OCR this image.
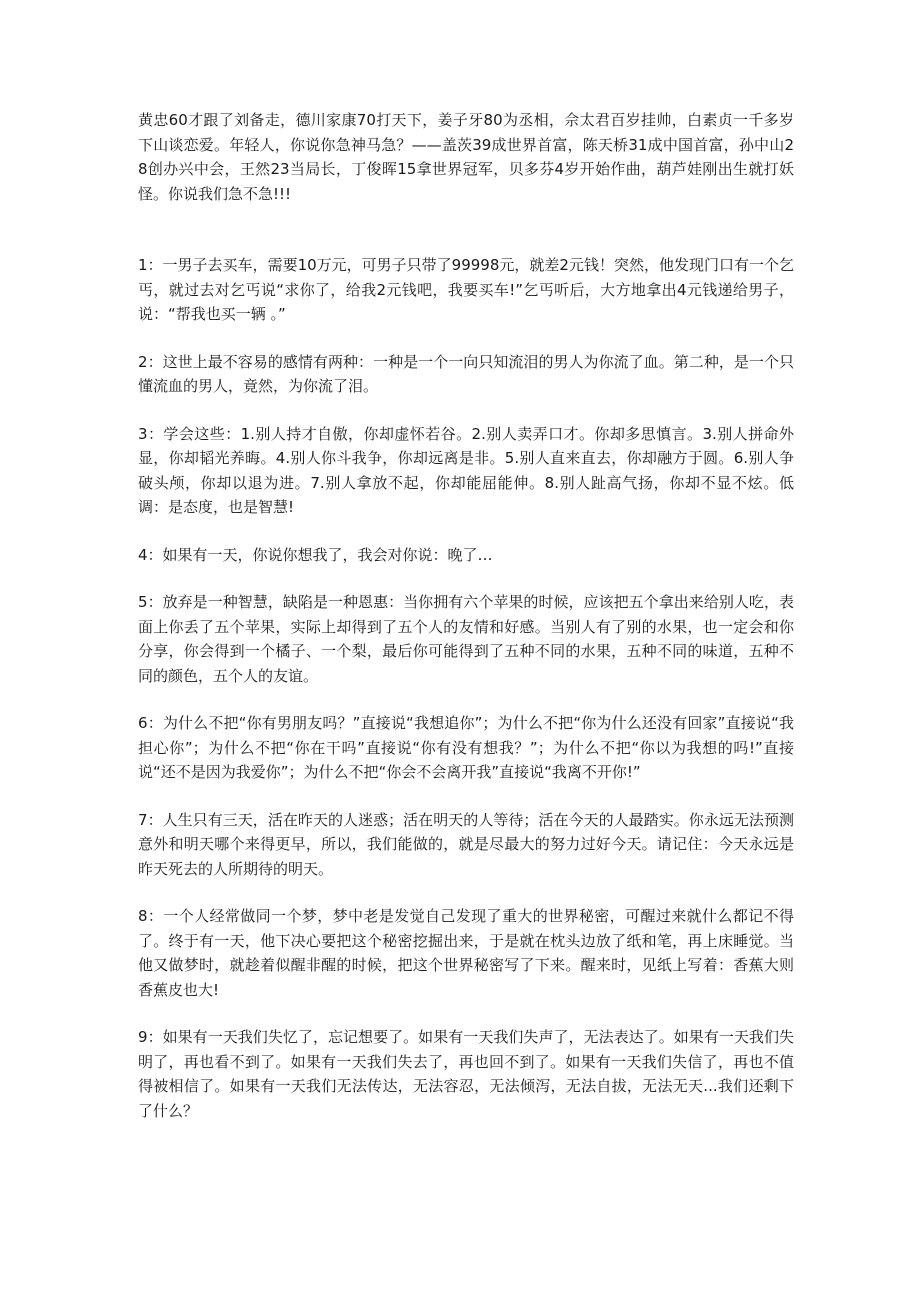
黄忠60才跟了刘备走，德川家康70打天下，姜子牙80为丞相，佘太君百岁挂帅，白素贞一千多岁下山谈恋爱。年轻人，你说你急神马急？——盖茨39成世界首富，陈天桥31成中国首富，孙中山28创办兴中会，王然23当局长，丁俊晖15拿世界冠军，贝多芬4岁开始作曲，葫芦娃刚出生就打妖怪。你说我们急不急!!!

1：一男子去买车，需要10万元，可男子只带了99998元，就差2元钱！突然，他发现门口有一个乞丐，就过去对乞丐说“求你了，给我2元钱吧，我要买车!”乞丐听后，大方地拿出4元钱递给男子，说：“帮我也买一辆 。”

2：这世上最不容易的感情有两种：一种是一个一向只知流泪的男人为你流了血。第二种，是一个只懂流血的男人，竟然，为你流了泪。

3：学会这些：1.别人持才自傲，你却虚怀若谷。2.别人卖弄口才。你却多思慎言。3.别人拼命外显，你却韬光养晦。4.别人你斗我争，你却远离是非。5.别人直来直去，你却融方于圆。6.别人争破头颅，你却以退为进。7.别人拿放不起，你却能屈能伸。8.别人趾高气扬，你却不显不炫。低调：是态度，也是智慧!

4：如果有一天，你说你想我了，我会对你说：晚了…

5：放弃是一种智慧，缺陷是一种恩惠：当你拥有六个苹果的时候，应该把五个拿出来给别人吃，表面上你丢了五个苹果，实际上却得到了五个人的友情和好感。当别人有了别的水果，也一定会和你分享，你会得到一个橘子、一个梨，最后你可能得到了五种不同的水果，五种不同的味道，五种不同的颜色，五个人的友谊。

6：为什么不把“你有男朋友吗？”直接说“我想追你”；为什么不把“你为什么还没有回家”直接说“我担心你”；为什么不把“你在干吗”直接说“你有没有想我？”；为什么不把“你以为我想的吗!”直接说“还不是因为我爱你”；为什么不把“你会不会离开我”直接说“我离不开你!”

7：人生只有三天，活在昨天的人迷惑；活在明天的人等待；活在今天的人最踏实。你永远无法预测意外和明天哪个来得更早，所以，我们能做的，就是尽最大的努力过好今天。请记住：今天永远是昨天死去的人所期待的明天。

8：一个人经常做同一个梦，梦中老是发觉自己发现了重大的世界秘密，可醒过来就什么都记不得了。终于有一天，他下决心要把这个秘密挖掘出来，于是就在枕头边放了纸和笔，再上床睡觉。当他又做梦时，就趁着似醒非醒的时候，把这个世界秘密写了下来。醒来时，见纸上写着：香蕉大则香蕉皮也大!

9：如果有一天我们失忆了，忘记想要了。如果有一天我们失声了，无法表达了。如果有一天我们失明了，再也看不到了。如果有一天我们失去了，再也回不到了。如果有一天我们失信了，再也不值得被相信了。如果有一天我们无法传达，无法容忍，无法倾泻，无法自拔，无法无天...我们还剩下了什么？
